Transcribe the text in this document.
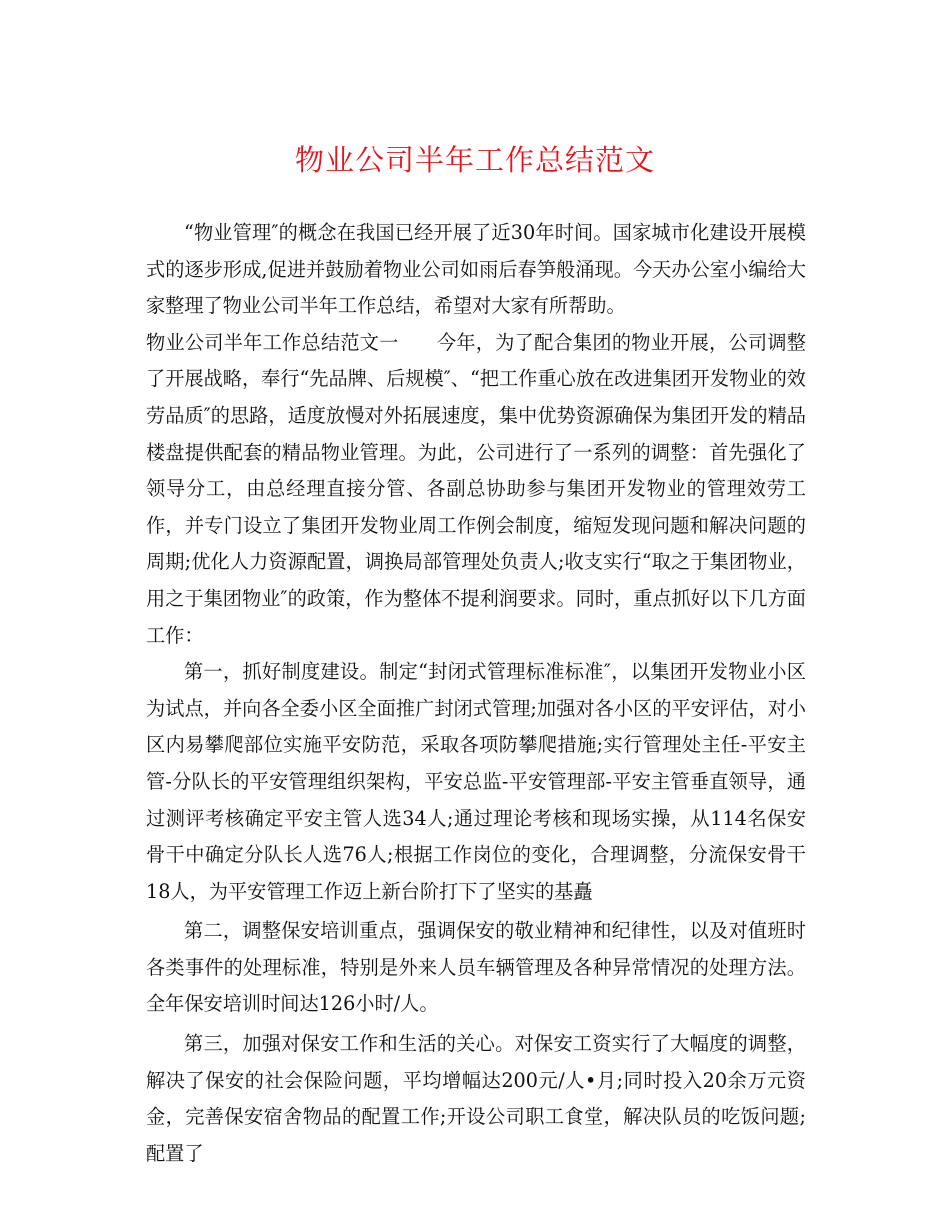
物业公司半年工作总结范文

“物业管理″的概念在我国已经开展了近30年时间。国家城市化建设开展模式的逐步形成,促进并鼓励着物业公司如雨后春笋般涌现。今天办公室小编给大家整理了物业公司半年工作总结，希望对大家有所帮助。

物业公司半年工作总结范文一 今年，为了配合集团的物业开展，公司调整了开展战略，奉行“先品牌、后规模″、“把工作重心放在改进集团开发物业的效劳品质″的思路，适度放慢对外拓展速度，集中优势资源确保为集团开发的精品楼盘提供配套的精品物业管理。为此，公司进行了一系列的调整：首先强化了领导分工，由总经理直接分管、各副总协助参与集团开发物业的管理效劳工作，并专门设立了集团开发物业周工作例会制度，缩短发现问题和解决问题的周期;优化人力资源配置，调换局部管理处负责人;收支实行“取之于集团物业，用之于集团物业″的政策，作为整体不提利润要求。同时，重点抓好以下几方面工作：

第一，抓好制度建设。制定“封闭式管理标准标准″，以集团开发物业小区为试点，并向各全委小区全面推广封闭式管理;加强对各小区的平安评估，对小区内易攀爬部位实施平安防范，采取各项防攀爬措施;实行管理处主任-平安主管-分队长的平安管理组织架构，平安总监-平安管理部-平安主管垂直领导，通过测评考核确定平安主管人选34人;通过理论考核和现场实操，从114名保安骨干中确定分队长人选76人;根据工作岗位的变化，合理调整，分流保安骨干18人，为平安管理工作迈上新台阶打下了坚实的基矗

第二，调整保安培训重点，强调保安的敬业精神和纪律性，以及对值班时各类事件的处理标准，特别是外来人员车辆管理及各种异常情况的处理方法。全年保安培训时间达126小时/人。

第三，加强对保安工作和生活的关心。对保安工资实行了大幅度的调整，解决了保安的社会保险问题，平均增幅达200元/人•月;同时投入20余万元资金，完善保安宿舍物品的配置工作;开设公司职工食堂，解决队员的吃饭问题;配置了
